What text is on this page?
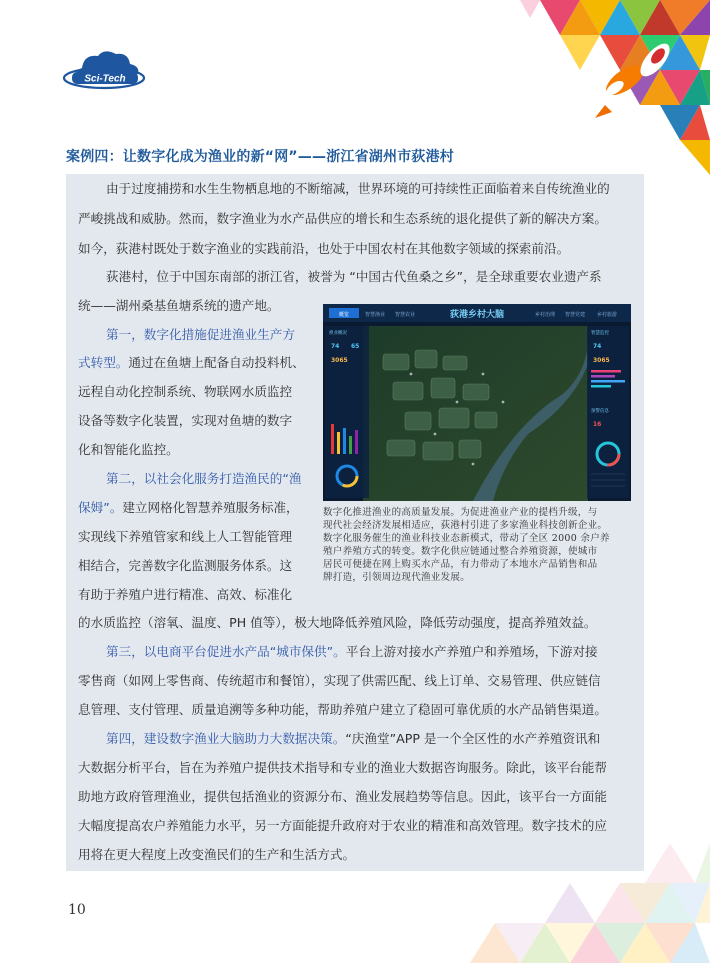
Sci-Tech
案例四：让数字化成为渔业的新“网”——浙江省湖州市荻港村
由于过度捕捞和水生生物栖息地的不断缩减，世界环境的可持续性正面临着来自传统渔业的
严峻挑战和威胁。然而，数字渔业为水产品供应的增长和生态系统的退化提供了新的解决方案。
如今，荻港村既处于数字渔业的实践前沿，也处于中国农村在其他数字领域的探索前沿。
荻港村，位于中国东南部的浙江省，被誉为 “中国古代鱼桑之乡”，是全球重要农业遗产系
统——湖州桑基鱼塘系统的遗产地。
第一，数字化措施促进渔业生产方
式转型。通过在鱼塘上配备自动投料机、
远程自动化控制系统、物联网水质监控
设备等数字化装置，实现对鱼塘的数字
化和智能化监控。
第二，以社会化服务打造渔民的“渔
保姆”。建立网格化智慧养殖服务标准，
实现线下养殖管家和线上人工智能管理
相结合，完善数字化监测服务体系。这
有助于养殖户进行精准、高效、标准化
的水质监控（溶氧、温度、PH 值等），极大地降低养殖风险，降低劳动强度，提高养殖效益。
第三，以电商平台促进水产品“城市保供”。平台上游对接水产养殖户和养殖场，下游对接
零售商（如网上零售商、传统超市和餐馆），实现了供需匹配、线上订单、交易管理、供应链信
息管理、支付管理、质量追溯等多种功能，帮助养殖户建立了稳固可靠优质的水产品销售渠道。
第四，建设数字渔业大脑助力大数据决策。“庆渔堂”APP 是一个全区性的水产养殖资讯和
大数据分析平台，旨在为养殖户提供技术指导和专业的渔业大数据咨询服务。除此，该平台能帮
助地方政府管理渔业，提供包括渔业的资源分布、渔业发展趋势等信息。因此，该平台一方面能
大幅度提高农户养殖能力水平，另一方面能提升政府对于农业的精准和高效管理。数字技术的应
用将在更大程度上改变渔民们的生产和生活方式。
概览	智慧渔业 智慧农业	荻港乡村大脑	乡村治理 智慧党建 乡村旅游
渔业概况
74 65
3065
智慧监控
74
3065
预警信息
16
数字化推进渔业的高质量发展。为促进渔业产业的提档升级，与
现代社会经济发展相适应，荻港村引进了多家渔业科技创新企业。
数字化服务催生的渔业科技业态新模式，带动了全区 2000 余户养
殖户养殖方式的转变。数字化供应链通过整合养殖资源，使城市
居民可便捷在网上购买水产品，有力带动了本地水产品销售和品
牌打造，引领周边现代渔业发展。
10
